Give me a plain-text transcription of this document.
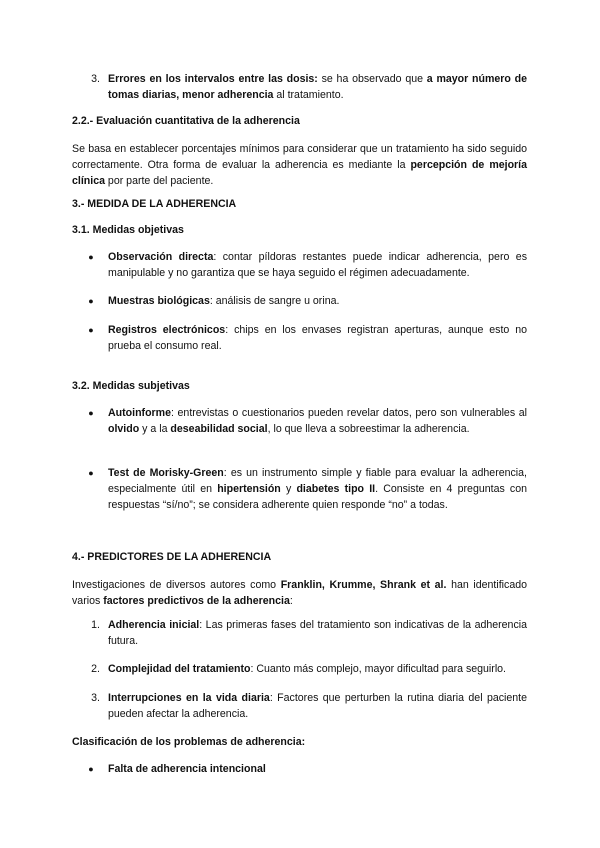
3. Errores en los intervalos entre las dosis: se ha observado que a mayor número de tomas diarias, menor adherencia al tratamiento.

2.2.- Evaluación cuantitativa de la adherencia

Se basa en establecer porcentajes mínimos para considerar que un tratamiento ha sido seguido correctamente. Otra forma de evaluar la adherencia es mediante la percepción de mejoría clínica por parte del paciente.

3.- MEDIDA DE LA ADHERENCIA

3.1. Medidas objetivas

●	Observación directa: contar píldoras restantes puede indicar adherencia, pero es manipulable y no garantiza que se haya seguido el régimen adecuadamente.

●	Muestras biológicas: análisis de sangre u orina.

●	Registros electrónicos: chips en los envases registran aperturas, aunque esto no prueba el consumo real.

3.2. Medidas subjetivas

●	Autoinforme: entrevistas o cuestionarios pueden revelar datos, pero son vulnerables al olvido y a la deseabilidad social, lo que lleva a sobreestimar la adherencia.

●	Test de Morisky-Green: es un instrumento simple y fiable para evaluar la adherencia, especialmente útil en hipertensión y diabetes tipo II. Consiste en 4 preguntas con respuestas “sí/no”; se considera adherente quien responde “no” a todas.

4.- PREDICTORES DE LA ADHERENCIA

Investigaciones de diversos autores como Franklin, Krumme, Shrank et al. han identificado varios factores predictivos de la adherencia:

1. Adherencia inicial: Las primeras fases del tratamiento son indicativas de la adherencia futura.

2. Complejidad del tratamiento: Cuanto más complejo, mayor dificultad para seguirlo.

3. Interrupciones en la vida diaria: Factores que perturben la rutina diaria del paciente pueden afectar la adherencia.

Clasificación de los problemas de adherencia:

●	Falta de adherencia intencional
